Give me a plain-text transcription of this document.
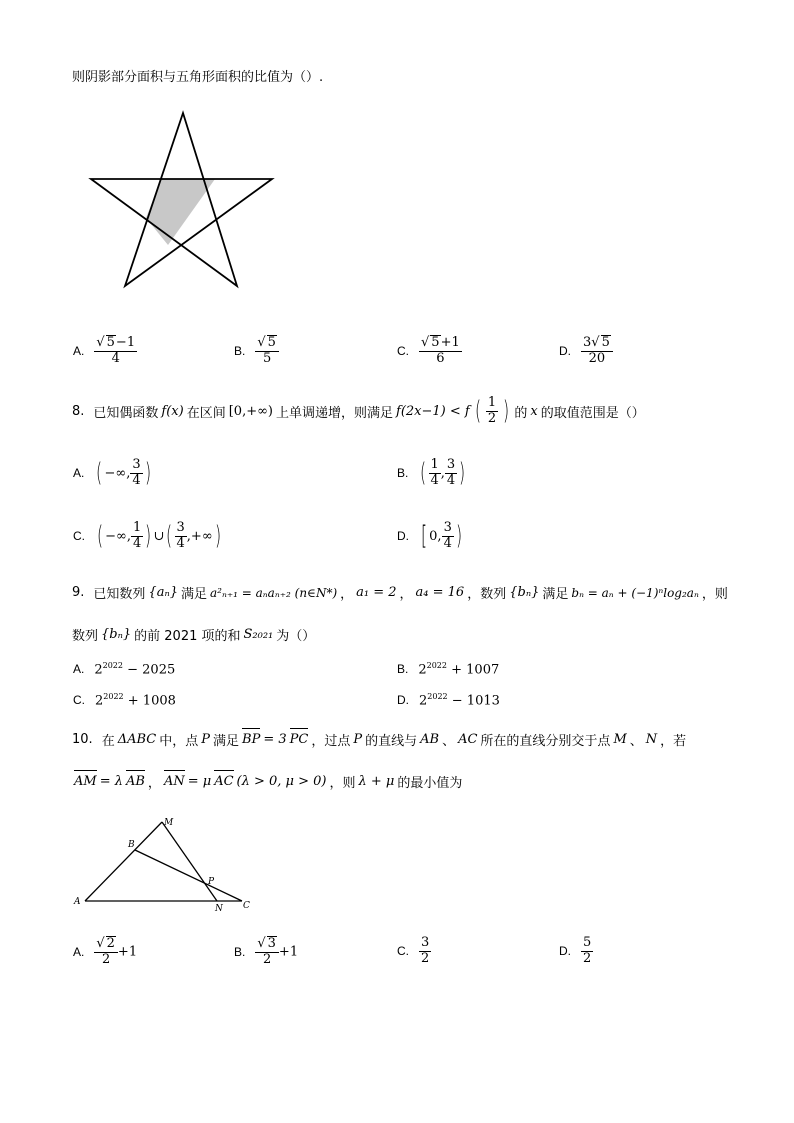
则阴影部分面积与五角形面积的比值为（）.
A. $\frac{√ 5-1}{4}$	B. $\frac{√ 5}{5}$	C. $\frac{√ 5+1}{6}$	D. $\frac{3√ 5}{20}$
8. 已知偶函数 f(x) 在区间 [0,+∞) 上单调递增，则满足 f(2x−1) < f ( $\frac{1}{2}$ ) 的 x 的取值范围是（）
A. ( −∞, $\frac{3}{4}$ )	B. ( $\frac{1}{4}$ , $\frac{3}{4}$ )
C. ( −∞, $\frac{1}{4}$ ) ∪( $\frac{3}{4}$ ,+∞)	D. [ 0, $\frac{3}{4}$ )
9. 已知数列 {aₙ} 满足 a²ₙ₊₁ = aₙaₙ₊₂ (n∈N*) ， a₁ = 2 ， a₄ = 16 ，数列 {bₙ} 满足 bₙ = aₙ + (−1)ⁿlog₂aₙ ，则
数列 {bₙ} 的前 2021 项的和 S₂₀₂₁ 为（）
A. $2^{2022} - 2025$	B. $2^{2022} + 1007$
C. $2^{2022} + 1008$	D. $2^{2022} - 1013$
10. 在 ΔABC 中，点 P 满足 BP = 3 PC ，过点 P 的直线与 AB 、 AC 所在的直线分别交于点 M 、 N ，若
AM = λ AB ， AN = μ AC (λ > 0, μ > 0) ，则 λ + μ 的最小值为
A
B
C
M
N
P
A. $\frac{√ 2}{2} +1$	B. $\frac{√ 3}{2} +1$	C. $\frac{3}{2}$	D. $\frac{5}{2}$
